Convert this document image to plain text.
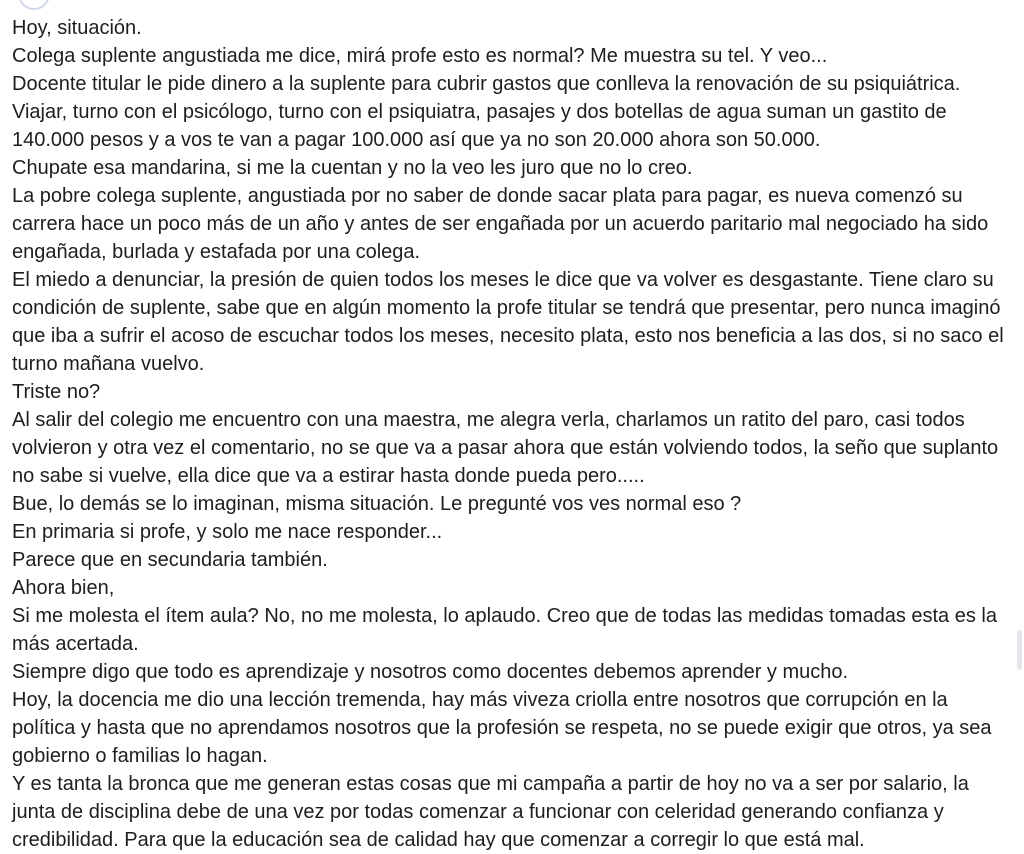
Hoy, situación.
Colega suplente angustiada me dice, mirá profe esto es normal? Me muestra su tel. Y veo...
Docente titular le pide dinero a la suplente para cubrir gastos que conlleva la renovación de su psiquiátrica.
Viajar, turno con el psicólogo, turno con el psiquiatra, pasajes y dos botellas de agua suman un gastito de
140.000 pesos y a vos te van a pagar 100.000 así que ya no son 20.000 ahora son 50.000.
Chupate esa mandarina, si me la cuentan y no la veo les juro que no lo creo.
La pobre colega suplente, angustiada por no saber de donde sacar plata para pagar, es nueva comenzó su
carrera hace un poco más de un año y antes de ser engañada por un acuerdo paritario mal negociado ha sido
engañada, burlada y estafada por una colega.
El miedo a denunciar, la presión de quien todos los meses le dice que va volver es desgastante. Tiene claro su
condición de suplente, sabe que en algún momento la profe titular se tendrá que presentar, pero nunca imaginó
que iba a sufrir el acoso de escuchar todos los meses, necesito plata, esto nos beneficia a las dos, si no saco el
turno mañana vuelvo.
Triste no?
Al salir del colegio me encuentro con una maestra, me alegra verla, charlamos un ratito del paro, casi todos
volvieron y otra vez el comentario, no se que va a pasar ahora que están volviendo todos, la seño que suplanto
no sabe si vuelve, ella dice que va a estirar hasta donde pueda pero.....
Bue, lo demás se lo imaginan, misma situación. Le pregunté vos ves normal eso ?
En primaria si profe, y solo me nace responder...
Parece que en secundaria también.
Ahora bien,
Si me molesta el ítem aula? No, no me molesta, lo aplaudo. Creo que de todas las medidas tomadas esta es la
más acertada.
Siempre digo que todo es aprendizaje y nosotros como docentes debemos aprender y mucho.
Hoy, la docencia me dio una lección tremenda, hay más viveza criolla entre nosotros que corrupción en la
política y hasta que no aprendamos nosotros que la profesión se respeta, no se puede exigir que otros, ya sea
gobierno o familias lo hagan.
Y es tanta la bronca que me generan estas cosas que mi campaña a partir de hoy no va a ser por salario, la
junta de disciplina debe de una vez por todas comenzar a funcionar con celeridad generando confianza y
credibilidad. Para que la educación sea de calidad hay que comenzar a corregir lo que está mal.
